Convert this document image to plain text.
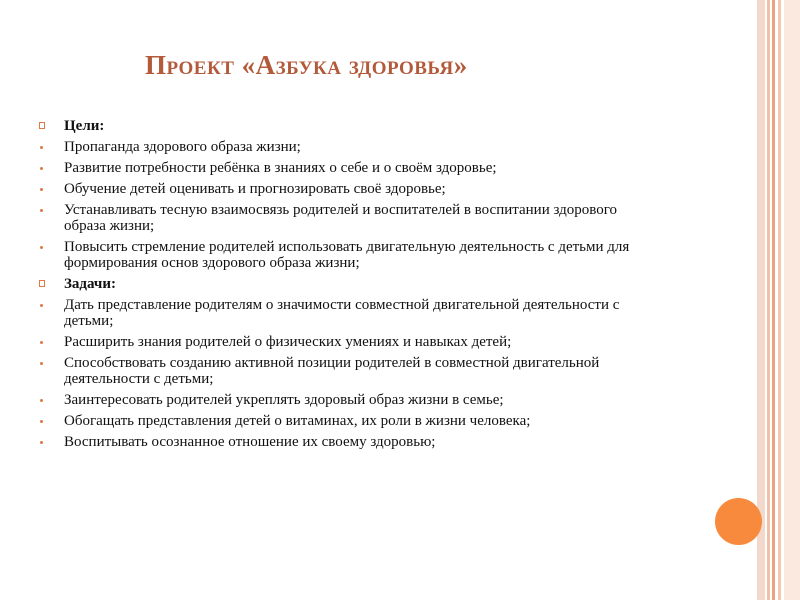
Проект «Азбука здоровья»
Цели:
Пропаганда здорового образа жизни;
Развитие потребности ребёнка в знаниях о себе и о своём здоровье;
Обучение детей оценивать и прогнозировать своё здоровье;
Устанавливать тесную взаимосвязь родителей и воспитателей в воспитании здорового образа жизни;
Повысить стремление родителей использовать двигательную деятельность с детьми для формирования основ здорового образа жизни;
Задачи:
Дать представление родителям о значимости совместной двигательной деятельности с детьми;
Расширить знания родителей о физических умениях и навыках детей;
Способствовать созданию активной позиции родителей в совместной двигательной деятельности с детьми;
Заинтересовать родителей укреплять здоровый образ жизни в семье;
Обогащать представления детей о витаминах, их роли в жизни человека;
Воспитывать осознанное отношение их своему здоровью;
